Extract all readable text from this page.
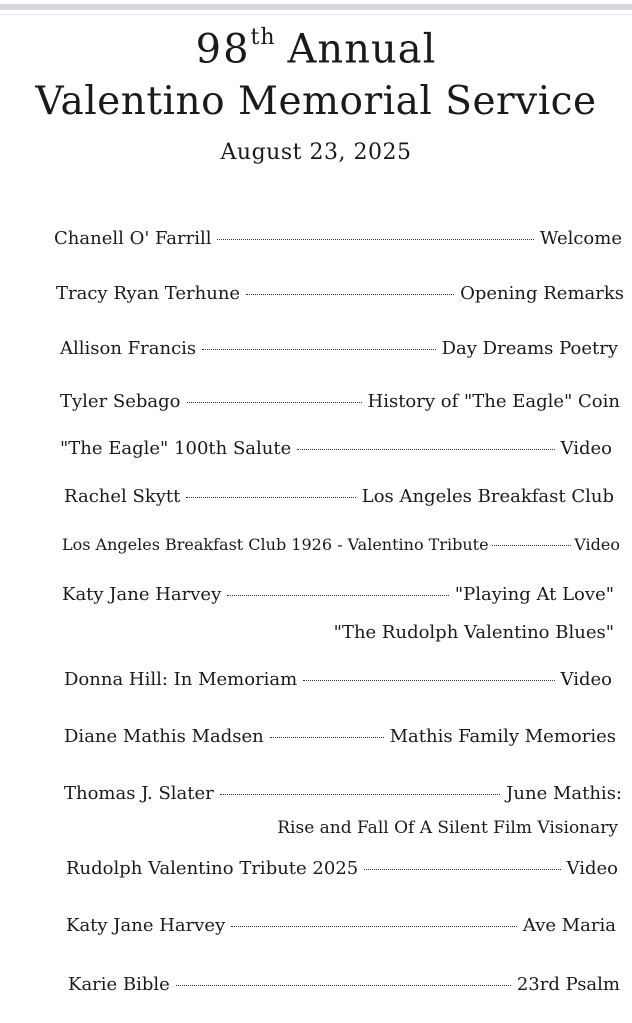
98th Annual
Valentino Memorial Service
August 23, 2025
Chanell O' Farrill	Welcome
Tracy Ryan Terhune	Opening Remarks
Allison Francis	Day Dreams Poetry
Tyler Sebago	History of "The Eagle" Coin
"The Eagle" 100th Salute	Video
Rachel Skytt	Los Angeles Breakfast Club
Los Angeles Breakfast Club 1926 - Valentino Tribute	Video
Katy Jane Harvey	"Playing At Love"
"The Rudolph Valentino Blues"
Donna Hill: In Memoriam	Video
Diane Mathis Madsen	Mathis Family Memories
Thomas J. Slater	June Mathis:
Rise and Fall Of A Silent Film Visionary
Rudolph Valentino Tribute 2025	Video
Katy Jane Harvey	Ave Maria
Karie Bible	23rd Psalm
